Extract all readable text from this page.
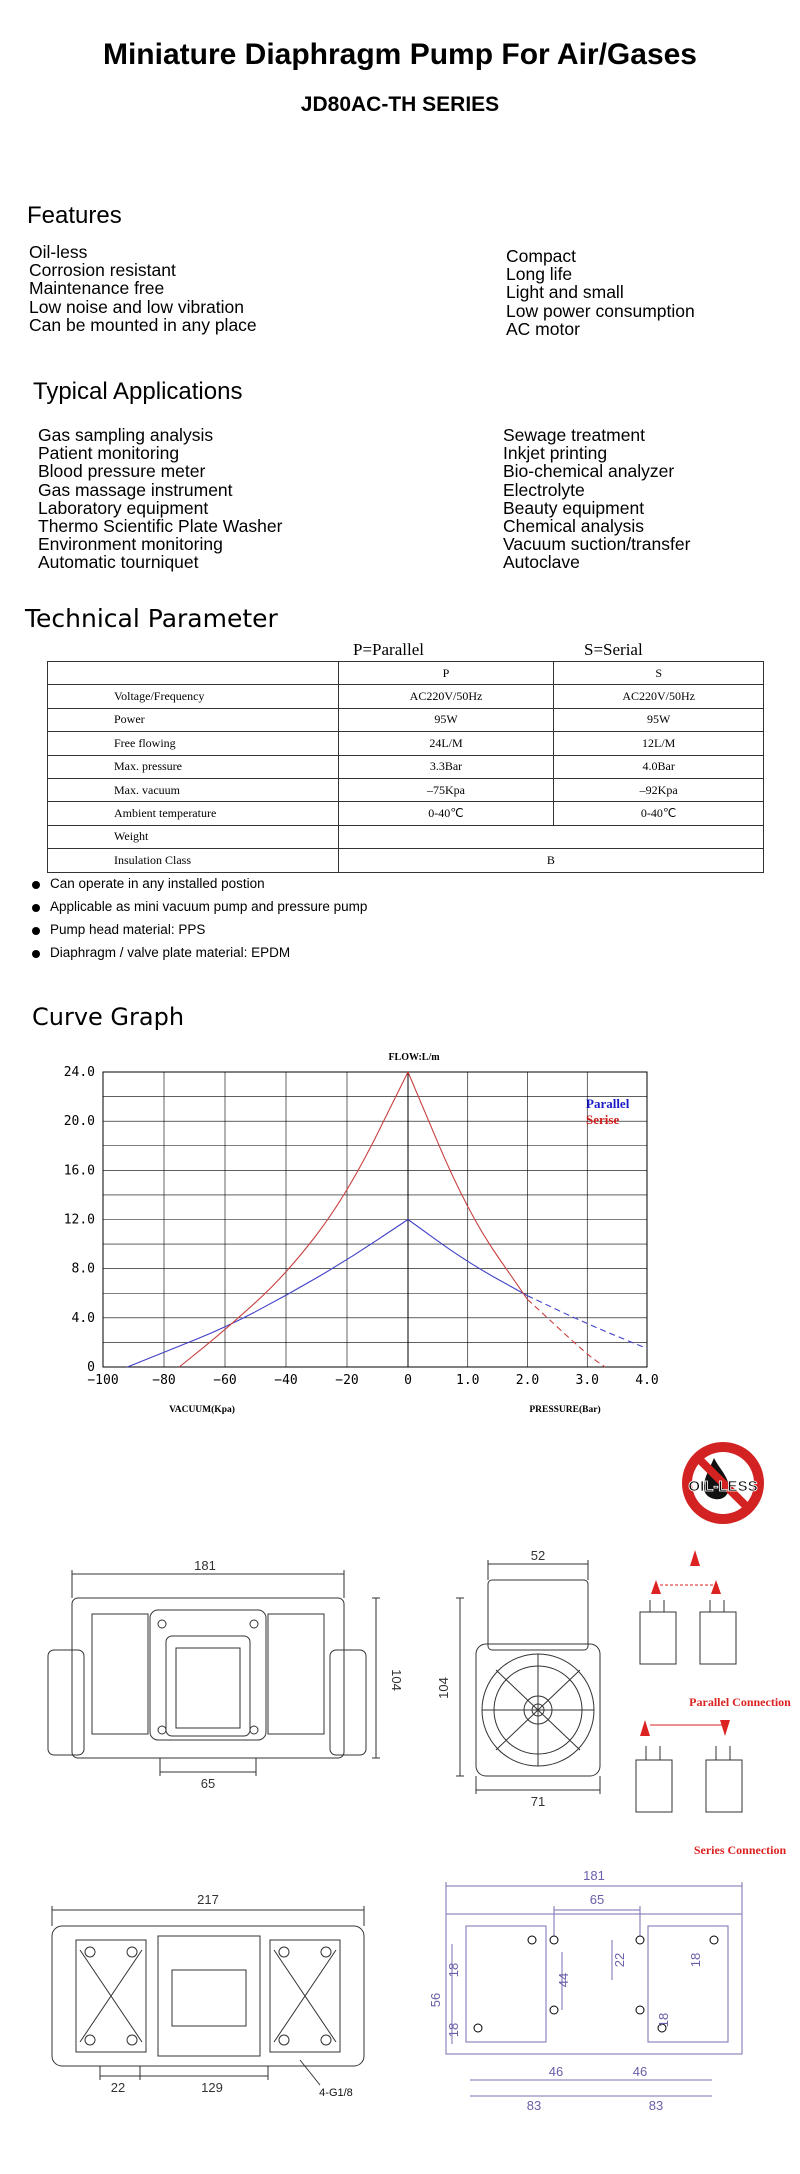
Miniature Diaphragm Pump For Air/Gases
JD80AC-TH SERIES
Features
Oil-less
Corrosion resistant
Maintenance free
Low noise and low vibration
Can be mounted in any place
Compact
Long life
Light and small
Low power consumption
AC motor
Typical Applications
Gas sampling analysis
Patient monitoring
Blood pressure meter
Gas massage instrument
Laboratory equipment
Thermo Scientific Plate Washer
Environment monitoring
Automatic tourniquet
Sewage treatment
Inkjet printing
Bio-chemical analyzer
Electrolyte
Beauty equipment
Chemical analysis
Vacuum suction/transfer
Autoclave
Technical Parameter
P=Parallel	S=Serial
	P	S
Voltage/Frequency	AC220V/50Hz	AC220V/50Hz
Power	95W	95W
Free flowing	24L/M	12L/M
Max. pressure	3.3Bar	4.0Bar
Max. vacuum	–75Kpa	–92Kpa
Ambient temperature	0-40℃	0-40℃
Weight		
Insulation Class	B	
Can operate in any installed postion
Applicable as mini vacuum pump and pressure pump
Pump head material: PPS
Diaphragm / valve plate material: EPDM
Curve Graph
FLOW:L/m
0
4.0
8.0
12.0
16.0
20.0
24.0
−100	−80	−60	−40	−20	0	1.0	2.0	3.0	4.0
VACUUM(Kpa)	PRESSURE(Bar)
Parallel
Serise
OIL-LESS
181
104
65
52
104
71
Parallel Connection
Series Connection
217
22	129	4-G1/8
181
65
56
18
18
44
22
18
18
46	46
83	83
